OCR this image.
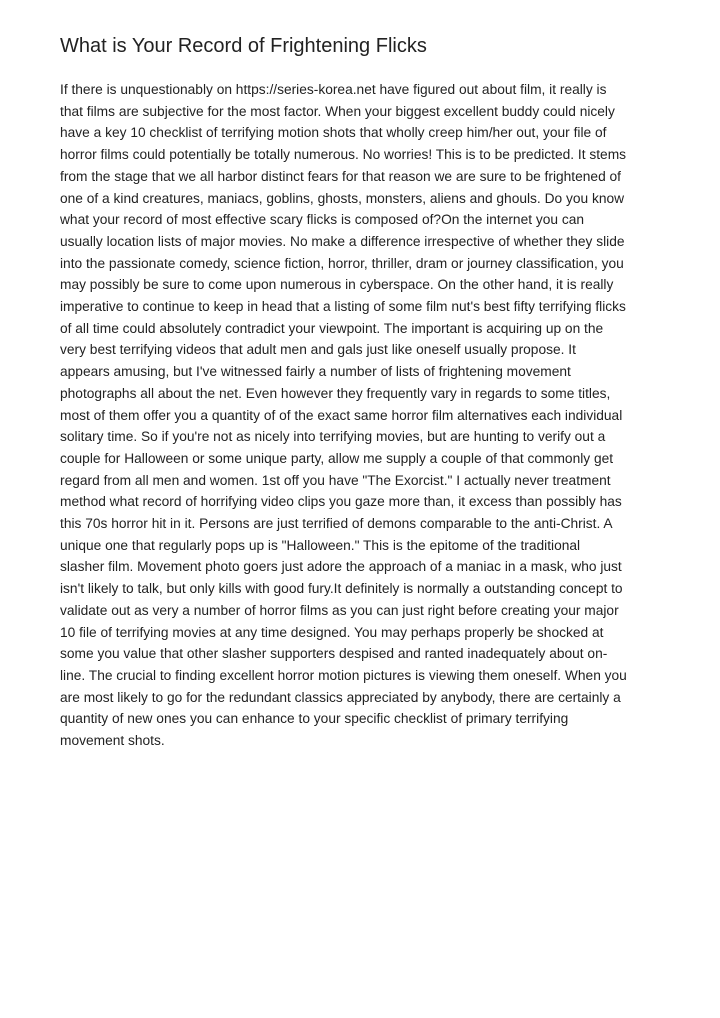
What is Your Record of Frightening Flicks
If there is unquestionably on https://series-korea.net have figured out about film, it really is
that films are subjective for the most factor. When your biggest excellent buddy could nicely
have a key 10 checklist of terrifying motion shots that wholly creep him/her out, your file of
horror films could potentially be totally numerous. No worries! This is to be predicted. It stems
from the stage that we all harbor distinct fears for that reason we are sure to be frightened of
one of a kind creatures, maniacs, goblins, ghosts, monsters, aliens and ghouls. Do you know
what your record of most effective scary flicks is composed of?On the internet you can
usually location lists of major movies. No make a difference irrespective of whether they slide
into the passionate comedy, science fiction, horror, thriller, dram or journey classification, you
may possibly be sure to come upon numerous in cyberspace. On the other hand, it is really
imperative to continue to keep in head that a listing of some film nut's best fifty terrifying flicks
of all time could absolutely contradict your viewpoint. The important is acquiring up on the
very best terrifying videos that adult men and gals just like oneself usually propose. It
appears amusing, but I've witnessed fairly a number of lists of frightening movement
photographs all about the net. Even however they frequently vary in regards to some titles,
most of them offer you a quantity of of the exact same horror film alternatives each individual
solitary time. So if you're not as nicely into terrifying movies, but are hunting to verify out a
couple for Halloween or some unique party, allow me supply a couple of that commonly get
regard from all men and women. 1st off you have "The Exorcist." I actually never treatment
method what record of horrifying video clips you gaze more than, it excess than possibly has
this 70s horror hit in it. Persons are just terrified of demons comparable to the anti-Christ. A
unique one that regularly pops up is "Halloween." This is the epitome of the traditional
slasher film. Movement photo goers just adore the approach of a maniac in a mask, who just
isn't likely to talk, but only kills with good fury.It definitely is normally a outstanding concept to
validate out as very a number of horror films as you can just right before creating your major
10 file of terrifying movies at any time designed. You may perhaps properly be shocked at
some you value that other slasher supporters despised and ranted inadequately about on-
line. The crucial to finding excellent horror motion pictures is viewing them oneself. When you
are most likely to go for the redundant classics appreciated by anybody, there are certainly a
quantity of new ones you can enhance to your specific checklist of primary terrifying
movement shots.
